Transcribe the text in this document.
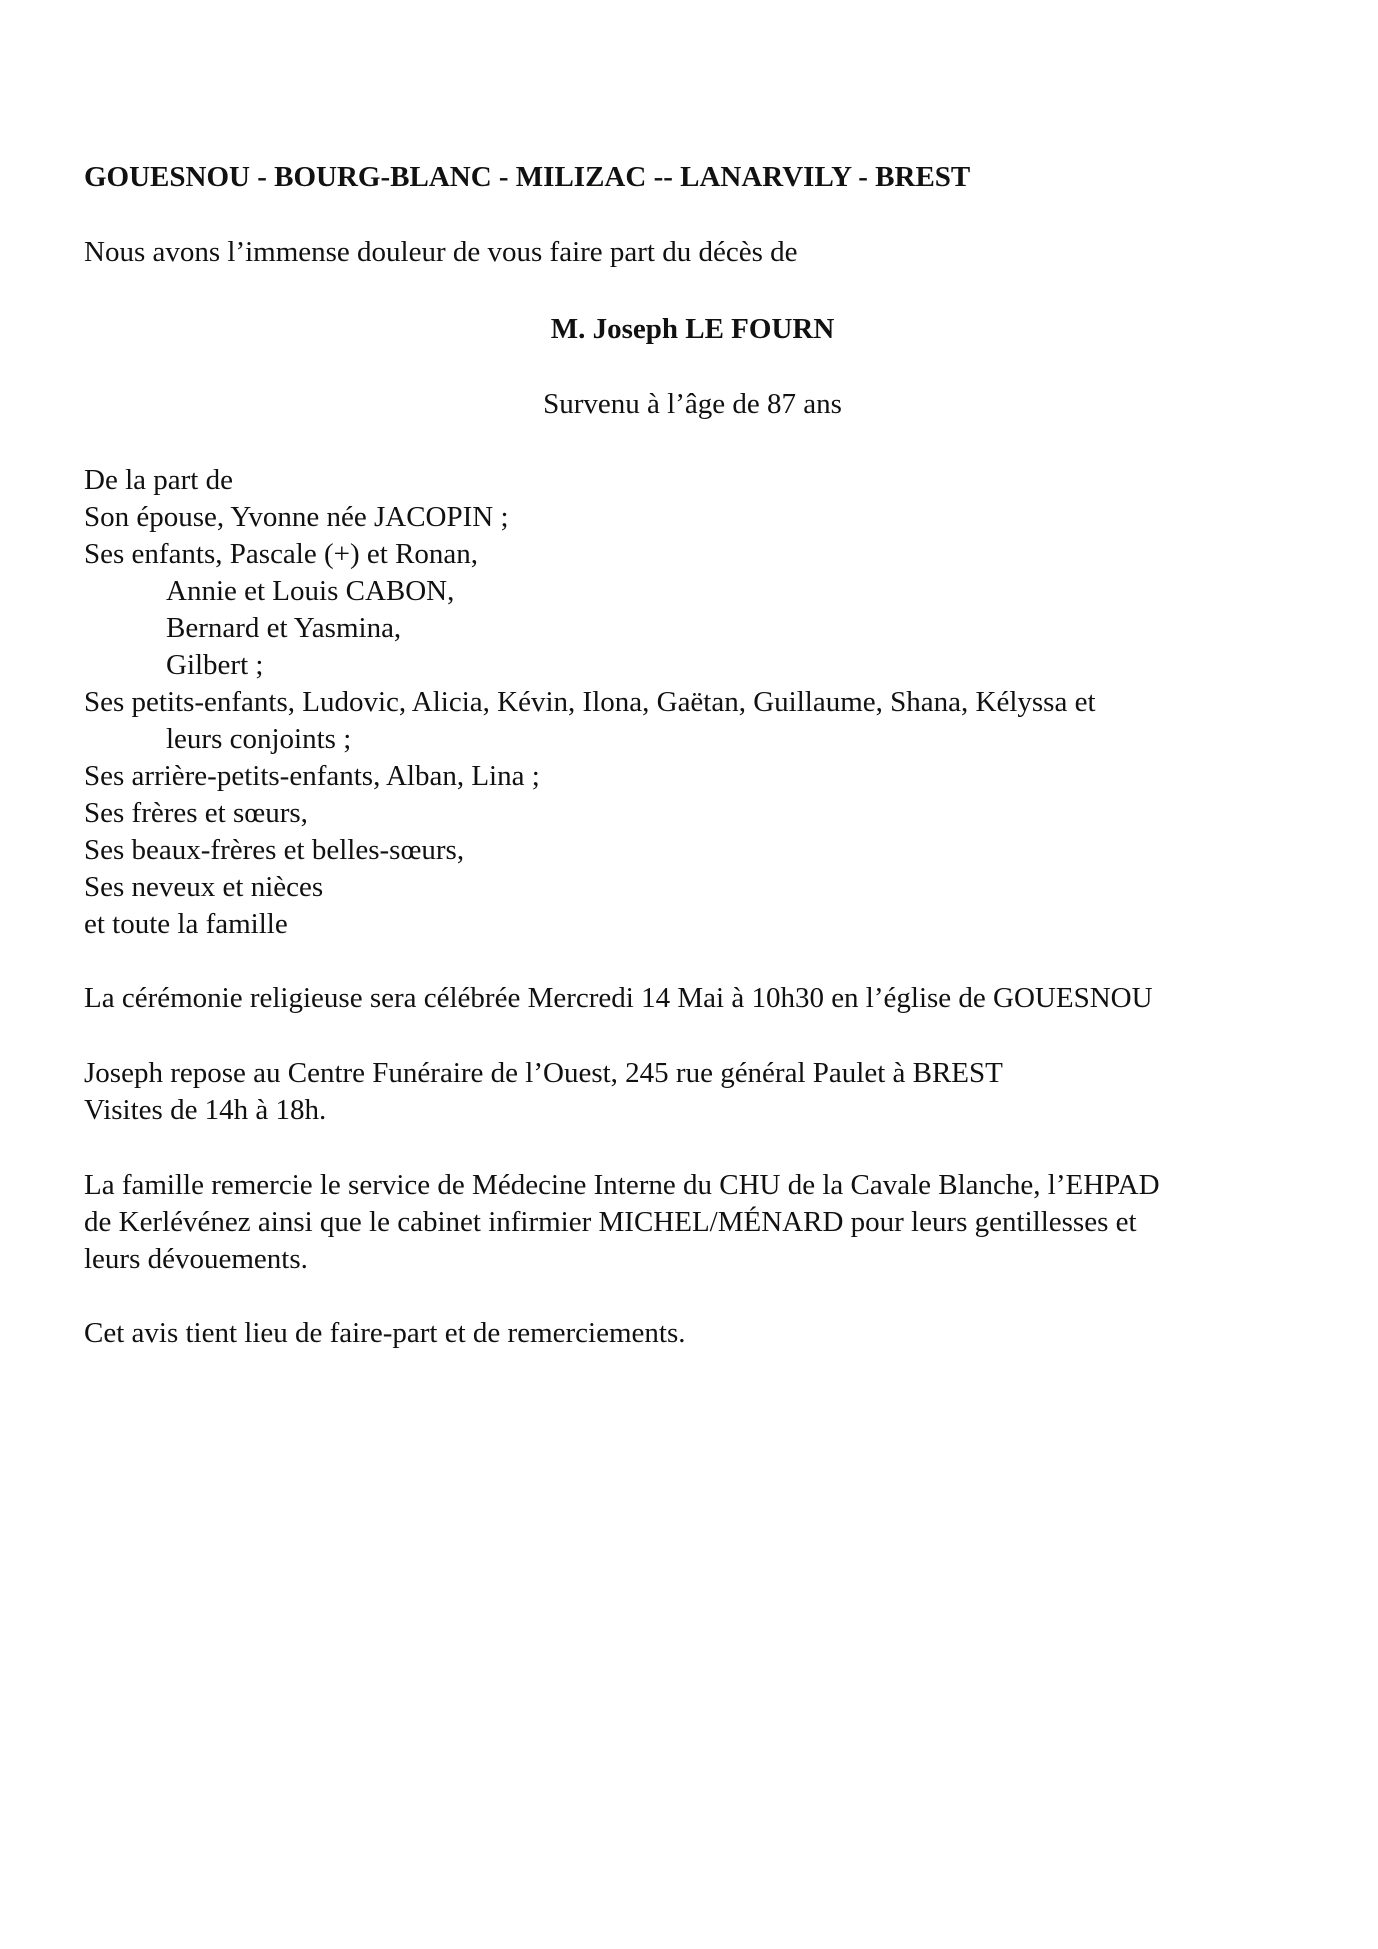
GOUESNOU - BOURG-BLANC - MILIZAC -- LANARVILY - BREST
Nous avons l’immense douleur de vous faire part du décès de
M. Joseph LE FOURN
Survenu à l’âge de 87 ans
De la part de
Son épouse, Yvonne née JACOPIN ;
Ses enfants, Pascale (+) et Ronan,
Annie et Louis CABON,
Bernard et Yasmina,
Gilbert ;
Ses petits-enfants, Ludovic, Alicia, Kévin, Ilona, Gaëtan, Guillaume, Shana, Kélyssa et
leurs conjoints ;
Ses arrière-petits-enfants, Alban, Lina ;
Ses frères et sœurs,
Ses beaux-frères et belles-sœurs,
Ses neveux et nièces
et toute la famille
La cérémonie religieuse sera célébrée Mercredi 14 Mai à 10h30 en l’église de GOUESNOU
Joseph repose au Centre Funéraire de l’Ouest, 245 rue général Paulet à BREST
Visites de 14h à 18h.
La famille remercie le service de Médecine Interne du CHU de la Cavale Blanche, l’EHPAD
de Kerlévénez ainsi que le cabinet infirmier MICHEL/MÉNARD pour leurs gentillesses et
leurs dévouements.
Cet avis tient lieu de faire-part et de remerciements.
